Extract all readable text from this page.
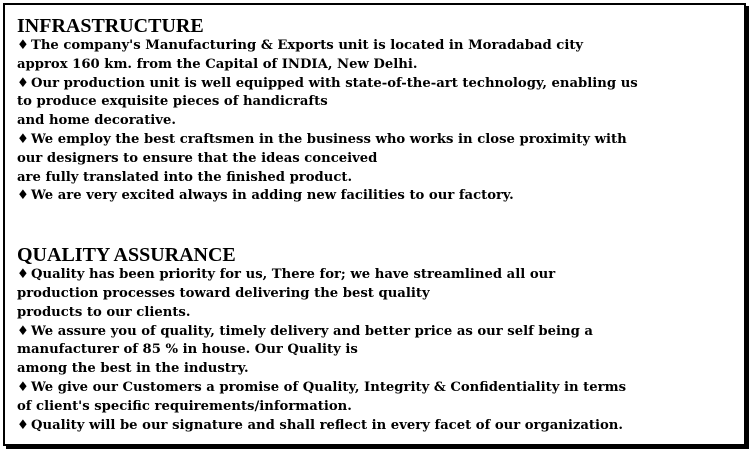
INFRASTRUCTURE

♦ The company's Manufacturing & Exports unit is located in Moradabad city

approx 160 km. from the Capital of INDIA, New Delhi.

♦ Our production unit is well equipped with state-of-the-art technology, enabling us

to produce exquisite pieces of handicrafts

and home decorative.

♦ We employ the best craftsmen in the business who works in close proximity with

our designers to ensure that the ideas conceived

are fully translated into the finished product.

♦ We are very excited always in adding new facilities to our factory.

QUALITY ASSURANCE

♦ Quality has been priority for us, There for; we have streamlined all our

production processes toward delivering the best quality

products to our clients.

♦ We assure you of quality, timely delivery and better price as our self being a

manufacturer of 85 % in house. Our Quality is

among the best in the industry.

♦ We give our Customers a promise of Quality, Integrity & Confidentiality in terms

of client's specific requirements/information.

♦ Quality will be our signature and shall reflect in every facet of our organization.
